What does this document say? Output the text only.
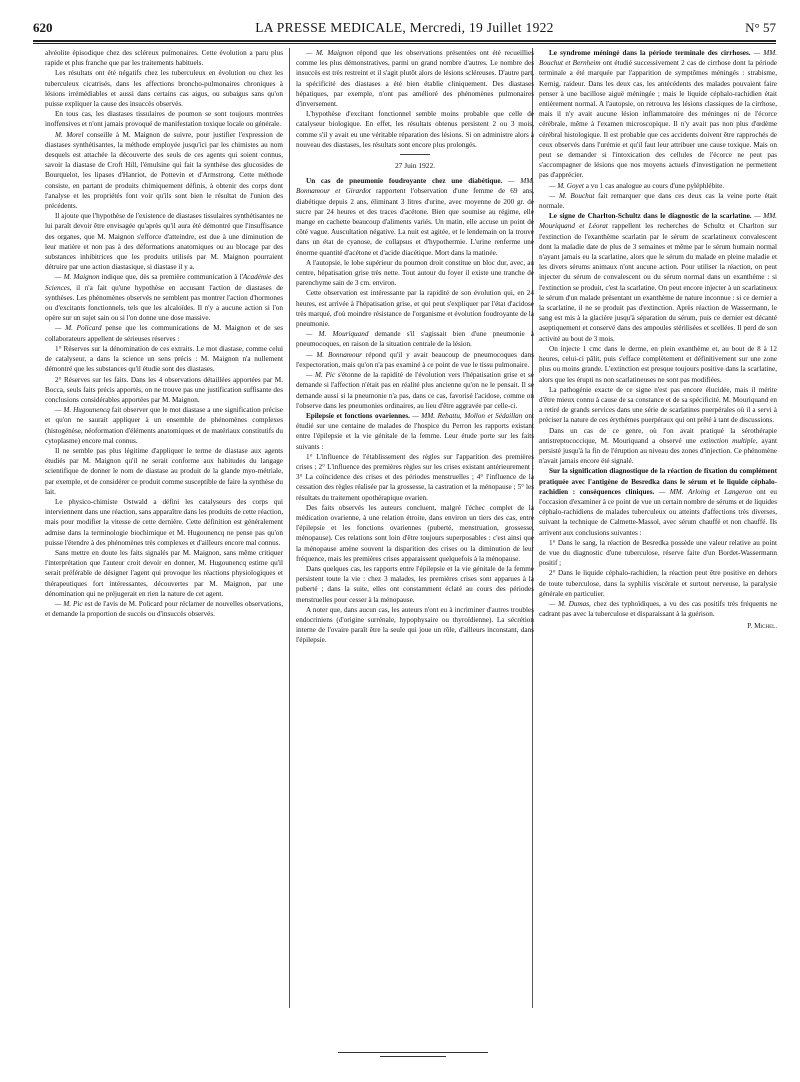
620	LA PRESSE MEDICALE, Mercredi, 19 Juillet 1922	N° 57

alvéolite épisodique chez des scléreux pulmonaires. Cette évolution a paru plus rapide et plus franche que par les traitements habituels.

Les résultats ont été négatifs chez les tuberculeux en évolution ou chez les tuberculeux cicatrisés, dans les affections broncho-pulmonaires chroniques à lésions irrémédiables et aussi dans certains cas aigus, ou subaigus sans qu'on puisse expliquer la cause des insuccès observés.

En tous cas, les diastases tissulaires de poumon se sont toujours montrées inoffensives et n'ont jamais provoqué de manifestation toxique locale ou générale.

M. Morel conseille à M. Maignon de suivre, pour justifier l'expression de diastases synthétisantes, la méthode employée jusqu'ici par les chimistes au nom desquels est attachée la découverte des seuls de ces agents qui soient connus, savoir la diastase de Croft Hill, l'émulsine qui fait la synthèse des glucosides de Bourquelot, les lipases d'Hanriot, de Pottevin et d'Armstrong. Cette méthode consiste, en partant de produits chimiquement définis, à obtenir des corps dont l'analyse et les propriétés font voir qu'ils sont bien le résultat de l'union des précédents.

Il ajoute que l'hypothèse de l'existence de diastases tissulaires synthétisantes ne lui paraît devoir être envisagée qu'après qu'il aura été démontré que l'insuffisance des organes, que M. Maignon s'efforce d'atteindre, est due à une diminution de leur matière et non pas à des déformations anatomiques ou au blocage par des substances inhibitrices que les produits utilisés par M. Maignon pourraient détruire par une action diastasique, si diastase il y a.

— M. Maignon indique que, dès sa première communication à l'Académie des Sciences, il n'a fait qu'une hypothèse en accusant l'action de diastases de synthèses. Les phénomènes observés ne semblent pas montrer l'action d'hormones ou d'excitants fonctionnels, tels que les alcaloïdes. Il n'y a aucune action si l'on opère sur un sujet sain ou si l'on donne une dose massive.

— M. Policard pense que les communications de M. Maignon et de ses collaborateurs appellent de sérieuses réserves :

1° Réserves sur la dénomination de ces extraits. Le mot diastase, comme celui de catalyseur, a dans la science un sens précis : M. Maignon n'a nullement démontré que les substances qu'il étudie sont des diastases.

2° Réserves sur les faits. Dans les 4 observations détaillées apportées par M. Bocca, seuls faits précis apportés, on ne trouve pas une justification suffisante des conclusions considérables apportées par M. Maignon.

— M. Hugounencq fait observer que le mot diastase a une signification précise et qu'on ne saurait appliquer à un ensemble de phénomènes complexes (histogénèse, néoformation d'éléments anatomiques et de matériaux constitutifs du cytoplasme) encore mal connus.

Il ne semble pas plus légitime d'appliquer le terme de diastase aux agents étudiés par M. Maignon qu'il ne serait conforme aux habitudes du langage scientifique de donner le nom de diastase au produit de la glande myo-métriale, par exemple, et de considérer ce produit comme susceptible de faire la synthèse du lait.

Le physico-chimiste Ostwald a défini les catalyseurs des corps qui interviennent dans une réaction, sans apparaître dans les produits de cette réaction, mais pour modifier la vitesse de cette dernière. Cette définition est généralement admise dans la terminologie biochimique et M. Hugounencq ne pense pas qu'on puisse l'étendre à des phénomènes très complexes et d'ailleurs encore mal connus.

Sans mettre en doute les faits signalés par M. Maignon, sans même critiquer l'interprétation que l'auteur croit devoir en donner, M. Hugounencq estime qu'il serait préférable de désigner l'agent qui provoque les réactions physiologiques et thérapeutiques fort intéressantes, découvertes par M. Maignon, par une dénomination qui ne préjugerait en rien la nature de cet agent.

— M. Pic est de l'avis de M. Policard pour réclamer de nouvelles observations, et demande la proportion de succès ou d'insuccès observés.

— M. Maignon répond que les observations présentées ont été recueillies comme les plus démonstratives, parmi un grand nombre d'autres. Le nombre des insuccès est très restreint et il s'agit plutôt alors de lésions scléreuses. D'autre part, la spécificité des diastases a été bien établie cliniquement. Des diastases hépatiques, par exemple, n'ont pas amélioré des phénomènes pulmonaires d'inversement.

L'hypothèse d'excitant fonctionnel semble moins probable que celle de catalyseur biologique. En effet, les résultats obtenus persistent 2 ou 3 mois, comme s'il y avait eu une véritable réparation des lésions. Si on administre alors à nouveau des diastases, les résultats sont encore plus prolongés.

27 Juin 1922.

Un cas de pneumonie foudroyante chez une diabétique. — MM. Bonnamour et Girardot rapportent l'observation d'une femme de 69 ans, diabétique depuis 2 ans, éliminant 3 litres d'urine, avec moyenne de 200 gr. de sucre par 24 heures et des traces d'acétone. Bien que soumise au régime, elle mange en cachette beaucoup d'aliments variés. Un matin, elle accuse un point de côté vague. Auscultation négative. La nuit est agitée, et le lendemain on la trouve dans un état de cyanose, de collapsus et d'hypothermie. L'urine renferme une énorme quantité d'acétone et d'acide diacétique. Mort dans la matinée.

A l'autopsie, le lobe supérieur du poumon droit constitue un bloc dur, avec, au centre, hépatisation grise très nette. Tout autour du foyer il existe une tranche de parenchyme sain de 3 cm. environ.

Cette observation est intéressante par la rapidité de son évolution qui, en 24 heures, est arrivée à l'hépatisation grise, et qui peut s'expliquer par l'état d'acidose très marqué, d'où moindre résistance de l'organisme et évolution foudroyante de la pneumonie.

— M. Mouriquand demande s'il s'agissait bien d'une pneumonie à pneumocoques, en raison de la situation centrale de la lésion.

— M. Bonnamour répond qu'il y avait beaucoup de pneumocoques dans l'expectoration, mais qu'on n'a pas examiné à ce point de vue le tissu pulmonaire.

— M. Pic s'étonne de la rapidité de l'évolution vers l'hépatisation grise et se demande si l'affection n'était pas en réalité plus ancienne qu'on ne le pensait. Il se demande aussi si la pneumonie n'a pas, dans ce cas, favorisé l'acidose, comme on l'observe dans les pneumonies ordinaires, au lieu d'être aggravée par celle-ci.

Epilepsie et fonctions ovariennes. — MM. Rebattu, Mollon et Sédaillan ont étudié sur une centaine de malades de l'hospice du Perron les rapports existant entre l'épilepsie et la vie génitale de la femme. Leur étude porte sur les faits suivants :

1° L'influence de l'établissement des règles sur l'apparition des premières crises ; 2° L'influence des premières règles sur les crises existant antérieurement ; 3° La coïncidence des crises et des périodes menstruelles ; 4° l'influence de la cessation des règles réalisée par la grossesse, la castration et la ménopause ; 5° les résultats du traitement opothérapique ovarien.

Des faits observés les auteurs concluent, malgré l'échec complet de la médication ovarienne, à une relation étroite, dans environ un tiers des cas, entre l'épilepsie et les fonctions ovariennes (puberté, menstruation, grossesse, ménopause). Ces relations sont loin d'être toujours superposables : c'est ainsi que la ménopause amène souvent la disparition des crises ou la diminution de leur fréquence, mais les premières crises apparaissent quelquefois à la ménopause.

Dans quelques cas, les rapports entre l'épilepsie et la vie génitale de la femme persistent toute la vie : chez 3 malades, les premières crises sont apparues à la puberté ; dans la suite, elles ont constamment éclaté au cours des périodes menstruelles pour cesser à la ménopause.

A noter que, dans aucun cas, les auteurs n'ont eu à incriminer d'autres troubles endocriniens (d'origine surrénale, hypophysaire ou thyroïdienne). La sécrétion interne de l'ovaire paraît être la seule qui joue un rôle, d'ailleurs inconstant, dans l'épilepsie.

Le syndrome méningé dans la période terminale des cirrhoses. — MM. Bouchut et Bernheim ont étudié successivement 2 cas de cirrhose dont la période terminale a été marquée par l'apparition de symptômes méningés : strabisme, Kernig, raideur. Dans les deux cas, les antécédents des malades pouvaient faire penser à une bacillose aiguë méningée ; mais le liquide céphalo-rachidien était entièrement normal. A l'autopsie, on retrouva les lésions classiques de la cirrhose, mais il n'y avait aucune lésion inflammatoire des méninges ni de l'écorce cérébrale, même à l'examen microscopique. Il n'y avait pas non plus d'œdème cérébral histologique. Il est probable que ces accidents doivent être rapprochés de ceux observés dans l'urémie et qu'il faut leur attribuer une cause toxique. Mais on peut se demander si l'intoxication des cellules de l'écorce ne peut pas s'accompagner de lésions que nos moyens actuels d'investigation ne permettent pas d'apprécier.

— M. Goyet a vu 1 cas analogue au cours d'une pyléphlébite.

— M. Bouchut fait remarquer que dans ces deux cas la veine porte était normale.

Le signe de Charlton-Schultz dans le diagnostic de la scarlatine. — MM. Mouriquand et Léorat rappellent les recherches de Schultz et Charlton sur l'extinction de l'exanthème scarlatin par le sérum de scarlatineux convalescent dont la maladie date de plus de 3 semaines et même par le sérum humain normal n'ayant jamais eu la scarlatine, alors que le sérum du malade en pleine maladie et les divers sérums animaux n'ont aucune action. Pour utiliser la réaction, on peut injecter du sérum de convalescent ou du sérum normal dans un exanthème : si l'extinction se produit, c'est la scarlatine. On peut encore injecter à un scarlatineux le sérum d'un malade présentant un exanthème de nature inconnue : si ce dernier a la scarlatine, il ne se produit pas d'extinction. Après réaction de Wassermann, le sang est mis à la glacière jusqu'à séparation du sérum, puis ce dernier est décanté aseptiquement et conservé dans des ampoules stérilisées et scellées. Il perd de son activité au bout de 3 mois.

On injecte 1 cmc dans le derme, en plein exanthème et, au bout de 8 à 12 heures, celui-ci pâlit, puis s'efface complètement et définitivement sur une zone plus ou moins grande. L'extinction est presque toujours positive dans la scarlatine, alors que les érupti ns non scarlatineuses ne sont pas modifiées.

La pathogénie exacte de ce signe n'est pas encore élucidée, mais il mérite d'être mieux connu à cause de sa constance et de sa spécificité. M. Mouriquand en a retiré de grands services dans une série de scarlatines puerpérales où il a servi à préciser la nature de ces érythèmes puerpéraux qui ont prêté à tant de discussions.

Dans un cas de ce genre, où l'on avait pratiqué la sérothérapie antistreptococcique, M. Mouriquand a observé une extinction multiple, ayant persisté jusqu'à la fin de l'éruption au niveau des zones d'injection. Ce phénomène n'avait jamais encore été signalé.

Sur la signification diagnostique de la réaction de fixation du complément pratiquée avec l'antigène de Besredka dans le sérum et le liquide céphalo-rachidien : conséquences cliniques. — MM. Arloing et Langeron ont eu l'occasion d'examiner à ce point de vue un certain nombre de sérums et de liquides céphalo-rachidiens de malades tuberculeux ou atteints d'affections très diverses, suivant la technique de Calmette-Massol, avec sérum chauffé et non chauffé. Ils arrivent aux conclusions suivantes :

1° Dans le sang, la réaction de Besredka possède une valeur relative au point de vue du diagnostic d'une tuberculose, réserve faite d'un Bordet-Wassermann positif ;

2° Dans le liquide céphalo-rachidien, la réaction peut être positive en dehors de toute tuberculose, dans la syphilis viscérale et surtout nerveuse, la paralysie générale en particulier.

— M. Dumas, chez des typhoïdiques, a vu des cas positifs très fréquents ne cadrant pas avec la tuberculose et disparaissant à la guérison.

P. Michel.
